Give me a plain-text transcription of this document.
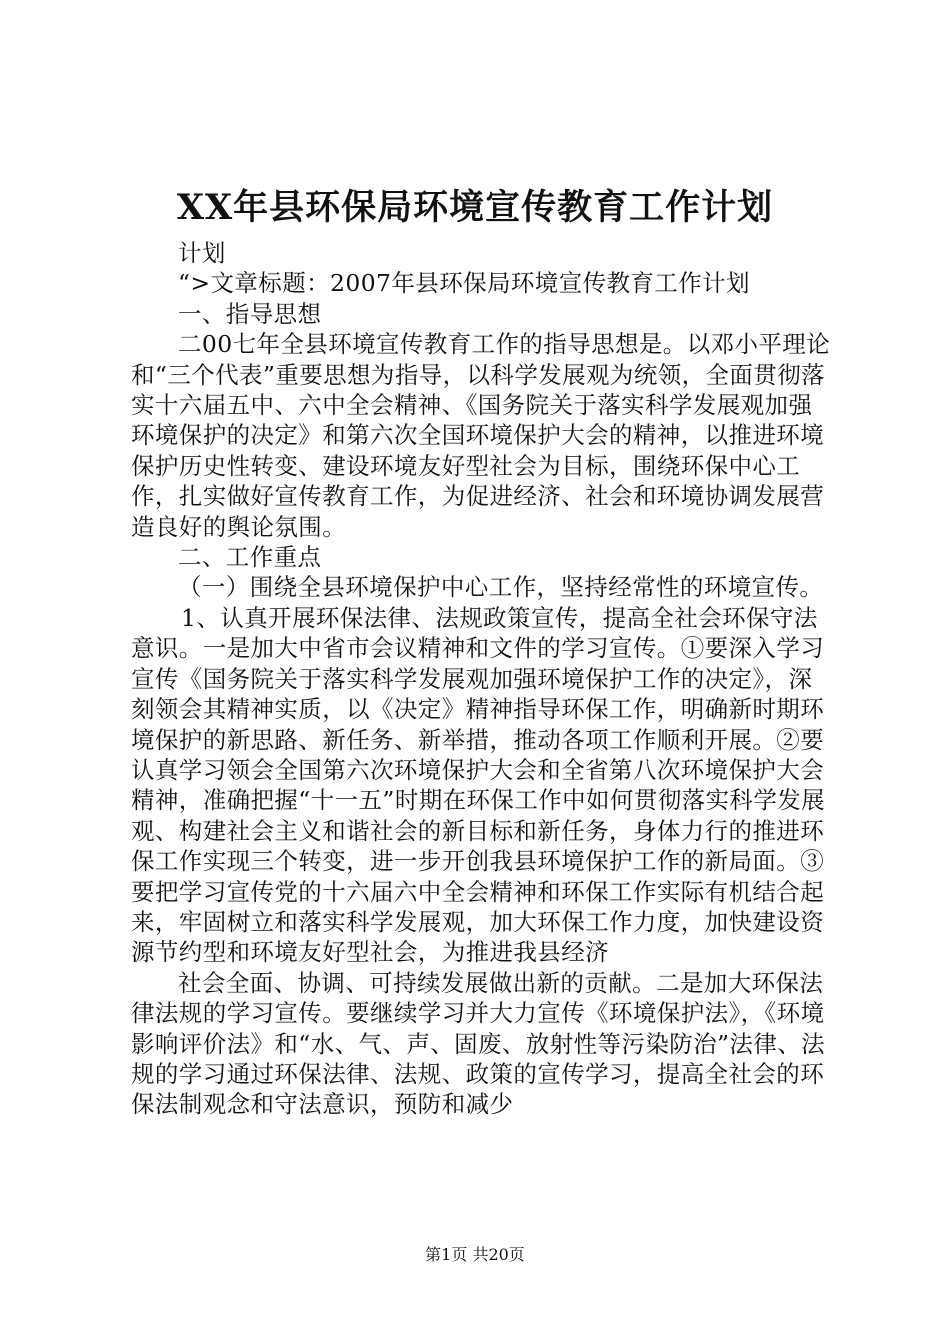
XX年县环保局环境宣传教育工作计划

计划

“>文章标题：2007年县环保局环境宣传教育工作计划

一、指导思想

二00七年全县环境宣传教育工作的指导思想是。以邓小平理论和“三个代表”重要思想为指导，以科学发展观为统领，全面贯彻落实十六届五中、六中全会精神、《国务院关于落实科学发展观加强环境保护的决定》和第六次全国环境保护大会的精神，以推进环境保护历史性转变、建设环境友好型社会为目标，围绕环保中心工作，扎实做好宣传教育工作，为促进经济、社会和环境协调发展营造良好的舆论氛围。

二、工作重点

（一）围绕全县环境保护中心工作，坚持经常性的环境宣传。

1、认真开展环保法律、法规政策宣传，提高全社会环保守法意识。一是加大中省市会议精神和文件的学习宣传。①要深入学习宣传《国务院关于落实科学发展观加强环境保护工作的决定》，深刻领会其精神实质，以《决定》精神指导环保工作，明确新时期环境保护的新思路、新任务、新举措，推动各项工作顺利开展。②要认真学习领会全国第六次环境保护大会和全省第八次环境保护大会精神，准确把握“十一五”时期在环保工作中如何贯彻落实科学发展观、构建社会主义和谐社会的新目标和新任务，身体力行的推进环保工作实现三个转变，进一步开创我县环境保护工作的新局面。③要把学习宣传党的十六届六中全会精神和环保工作实际有机结合起来，牢固树立和落实科学发展观，加大环保工作力度，加快建设资源节约型和环境友好型社会，为推进我县经济

社会全面、协调、可持续发展做出新的贡献。二是加大环保法律法规的学习宣传。要继续学习并大力宣传《环境保护法》，《环境影响评价法》和“水、气、声、固废、放射性等污染防治”法律、法规的学习通过环保法律、法规、政策的宣传学习，提高全社会的环保法制观念和守法意识，预防和减少

第1页 共20页
